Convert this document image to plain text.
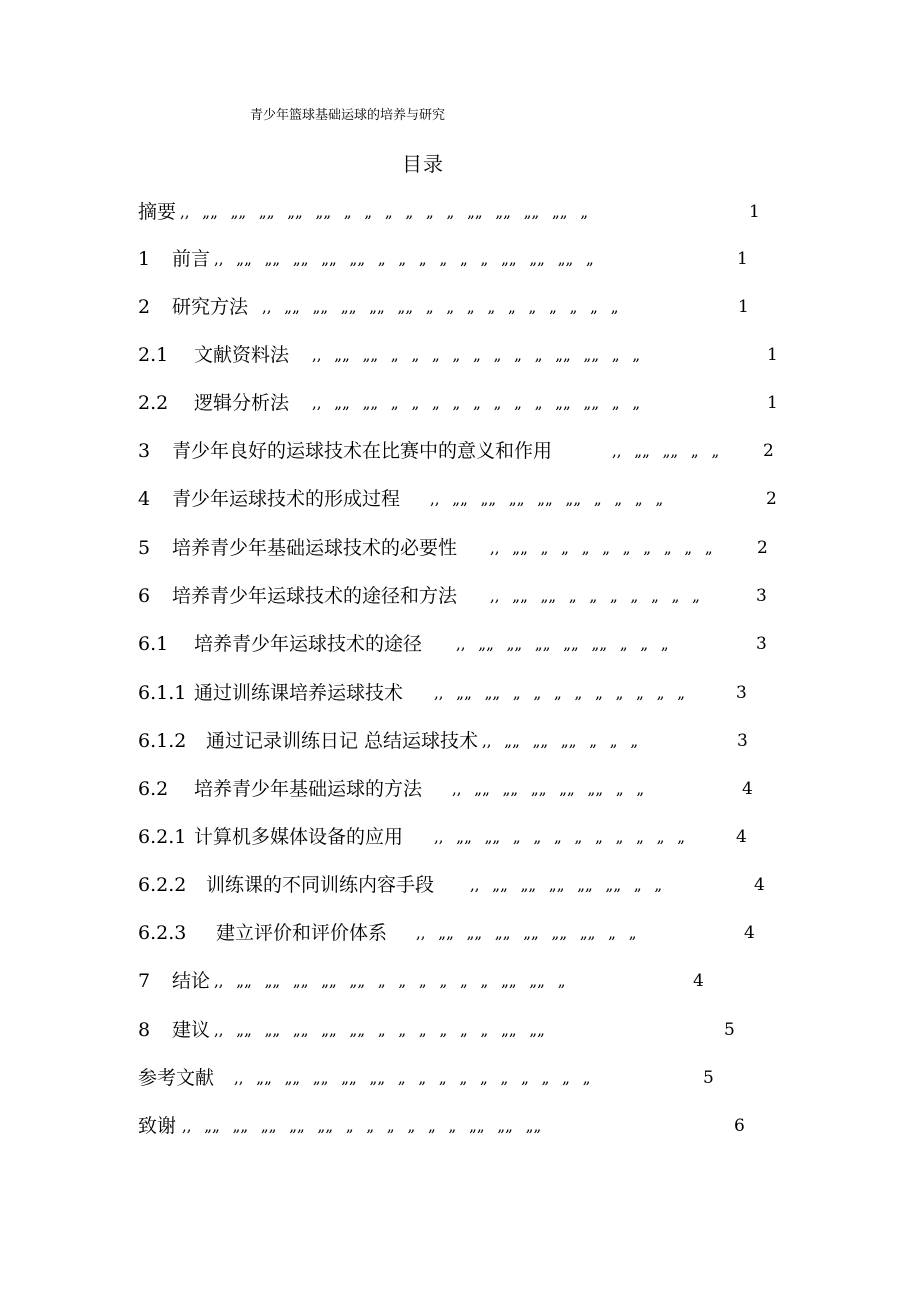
青少年篮球基础运球的培养与研究
目录
摘要 ,, „„ „„ „„ „„ „„ „ „ „ „ „ „ „„ „„ „„ „„ „	1
1 前言 ,, „„ „„ „„ „„ „„ „ „ „ „ „ „ „„ „„ „„ „	1
2 研究方法 ,, „„ „„ „„ „„ „„ „ „ „ „ „ „ „ „ „ „	1
2.1 文献资料法 ,, „„ „„ „ „ „ „ „ „ „ „ „„ „„ „ „	1
2.2 逻辑分析法 ,, „„ „„ „ „ „ „ „ „ „ „ „„ „„ „ „	1
3 青少年良好的运球技术在比赛中的意义和作用	,, „„ „„ „ „	2
4 青少年运球技术的形成过程 ,, „„ „„ „„ „„ „„ „ „ „ „	2
5 培养青少年基础运球技术的必要性 ,, „„ „ „ „ „ „ „ „ „ „	2
6 培养青少年运球技术的途径和方法 ,, „„ „„ „ „ „ „ „ „ „	3
6.1 培养青少年运球技术的途径 ,, „„ „„ „„ „„ „„ „ „ „	3
6.1.1 通过训练课培养运球技术 ,, „„ „„ „ „ „ „ „ „ „ „ „	3
6.1.2 通过记录训练日记 总结运球技术 ,, „„ „„ „„ „ „ „	3
6.2 培养青少年基础运球的方法 ,, „„ „„ „„ „„ „„ „ „	4
6.2.1 计算机多媒体设备的应用 ,, „„ „„ „ „ „ „ „ „ „ „ „	4
6.2.2 训练课的不同训练内容手段 ,, „„ „„ „„ „„ „„ „ „	4
6.2.3 建立评价和评价体系 ,, „„ „„ „„ „„ „„ „„ „ „	4
7 结论 ,, „„ „„ „„ „„ „„ „ „ „ „ „ „ „„ „„ „	4
8 建议 ,, „„ „„ „„ „„ „„ „ „ „ „ „ „ „„ „„	5
参考文献 ,, „„ „„ „„ „„ „„ „ „ „ „ „ „ „ „ „ „	5
致谢 ,, „„ „„ „„ „„ „„ „ „ „ „ „ „ „„ „„ „„	6
